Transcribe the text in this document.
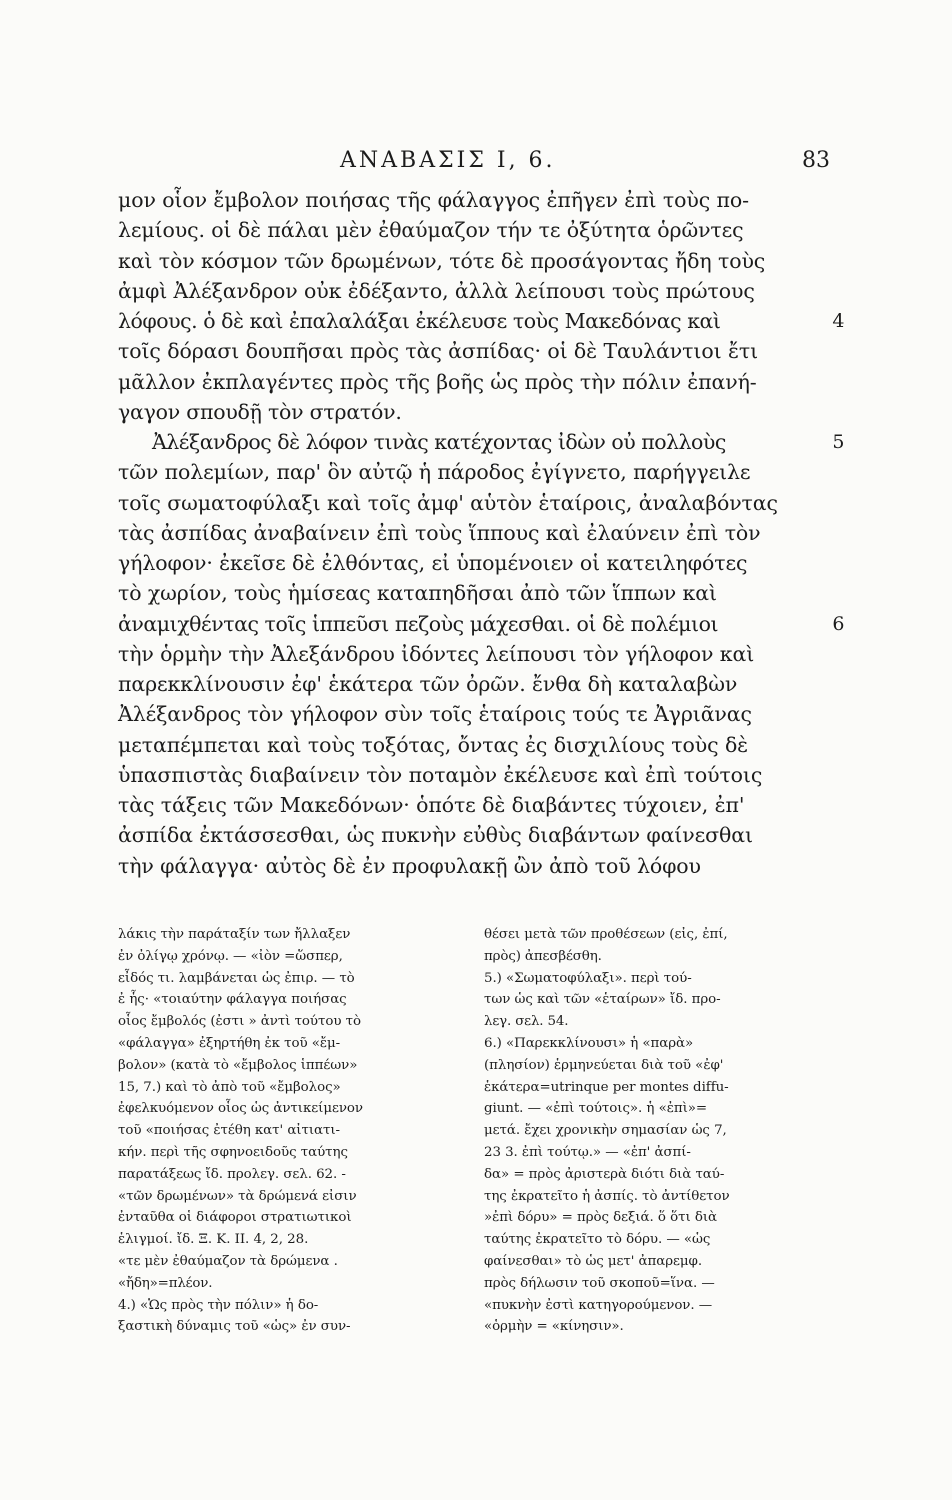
ΑΝΑΒΑΣΙΣ Ι, 6.	83
μον οἷον ἔμβολον ποιήσας τῆς φάλαγγος ἐπῆγεν ἐπὶ τοὺς πο-
λεμίους. οἱ δὲ πάλαι μὲν ἐθαύμαζον τήν τε ὀξύτητα ὁρῶντες
καὶ τὸν κόσμον τῶν δρωμένων, τότε δὲ προσάγοντας ἤδη τοὺς
ἀμφὶ Ἀλέξανδρον οὐκ ἐδέξαντο, ἀλλὰ λείπουσι τοὺς πρώτους
λόφους. ὁ δὲ καὶ ἐπαλαλάξαι ἐκέλευσε τοὺς Μακεδόνας καὶ	4
τοῖς δόρασι δουπῆσαι πρὸς τὰς ἀσπίδας· οἱ δὲ Ταυλάντιοι ἔτι
μᾶλλον ἐκπλαγέντες πρὸς τῆς βοῆς ὡς πρὸς τὴν πόλιν ἐπανή-
γαγον σπουδῇ τὸν στρατόν.
Ἀλέξανδρος δὲ λόφον τινὰς κατέχοντας ἰδὼν οὐ πολλοὺς	5
τῶν πολεμίων, παρ' ὃν αὐτῷ ἡ πάροδος ἐγίγνετο, παρήγγειλε
τοῖς σωματοφύλαξι καὶ τοῖς ἀμφ' αὑτὸν ἑταίροις, ἀναλαβόντας
τὰς ἀσπίδας ἀναβαίνειν ἐπὶ τοὺς ἵππους καὶ ἐλαύνειν ἐπὶ τὸν
γήλοφον· ἐκεῖσε δὲ ἐλθόντας, εἰ ὑπομένοιεν οἱ κατειληφότες
τὸ χωρίον, τοὺς ἡμίσεας καταπηδῆσαι ἀπὸ τῶν ἵππων καὶ
ἀναμιχθέντας τοῖς ἱππεῦσι πεζοὺς μάχεσθαι. οἱ δὲ πολέμιοι	6
τὴν ὁρμὴν τὴν Ἀλεξάνδρου ἰδόντες λείπουσι τὸν γήλοφον καὶ
παρεκκλίνουσιν ἐφ' ἑκάτερα τῶν ὀρῶν. ἔνθα δὴ καταλαβὼν
Ἀλέξανδρος τὸν γήλοφον σὺν τοῖς ἑταίροις τούς τε Ἀγριᾶνας
μεταπέμπεται καὶ τοὺς τοξότας, ὄντας ἐς δισχιλίους τοὺς δὲ
ὑπασπιστὰς διαβαίνειν τὸν ποταμὸν ἐκέλευσε καὶ ἐπὶ τούτοις
τὰς τάξεις τῶν Μακεδόνων· ὁπότε δὲ διαβάντες τύχοιεν, ἐπ'
ἀσπίδα ἐκτάσσεσθαι, ὡς πυκνὴν εὐθὺς διαβάντων φαίνεσθαι
τὴν φάλαγγα· αὐτὸς δὲ ἐν προφυλακῇ ὢν ἀπὸ τοῦ λόφου
λάκις τὴν παράταξίν των ἤλλαξεν
ἐν ὀλίγῳ χρόνῳ. — «ἰὸν =ὥσπερ,
εἶδός τι. λαμβάνεται ὡς ἐπιρ. — τὸ
ἐ ἧς· «τοιαύτην φάλαγγα ποιήσας
οἷος ἔμβολός (ἐστι » ἀντὶ τούτου τὸ
«φάλαγγα» ἐξηρτήθη ἐκ τοῦ «ἔμ-
βολον» (κατὰ τὸ «ἔμβολος ἱππέων»
15, 7.) καὶ τὸ ἀπὸ τοῦ «ἔμβολος»
ἐφελκυόμενον οἷος ὡς ἀντικείμενον
τοῦ «ποιήσας ἐτέθη κατ' αἰτιατι-
κήν. περὶ τῆς σφηνοειδοῦς ταύτης
παρατάξεως ἴδ. προλεγ. σελ. 62. -
«τῶν δρωμένων» τὰ δρώμενά εἰσιν
ἐνταῦθα οἱ διάφοροι στρατιωτικοὶ
ἑλιγμοί. ἴδ. Ξ. Κ. ΙΙ. 4, 2, 28.
«τε μὲν ἐθαύμαζον τὰ δρώμενα .
«ἤδη»=πλέον.
4.) «Ὡς πρὸς τὴν πόλιν» ἡ δο-
ξαστικὴ δύναμις τοῦ «ὡς» ἐν συν-
θέσει μετὰ τῶν προθέσεων (εἰς, ἐπί,
πρὸς) ἀπεσβέσθη.
5.) «Σωματοφύλαξι». περὶ τού-
των ὡς καὶ τῶν «ἑταίρων» ἴδ. προ-
λεγ. σελ. 54.
6.) «Παρεκκλίνουσι» ἡ «παρὰ»
(πλησίον) ἑρμηνεύεται διὰ τοῦ «ἐφ'
ἑκάτερα=utrinque per montes diffu-
giunt. — «ἐπὶ τούτοις». ἡ «ἐπὶ»=
μετά. ἔχει χρονικὴν σημασίαν ὡς 7,
23 3. ἐπὶ τούτῳ.» — «ἐπ' ἀσπί-
δα» = πρὸς ἀριστερὰ διότι διὰ ταύ-
της ἐκρατεῖτο ἡ ἀσπίς. τὸ ἀντίθετον
»ἐπὶ δόρυ» = πρὸς δεξιά. ὅ ὅτι διὰ
ταύτης ἐκρατεῖτο τὸ δόρυ. — «ὡς
φαίνεσθαι» τὸ ὡς μετ' ἀπαρεμφ.
πρὸς δήλωσιν τοῦ σκοποῦ=ἵνα. —
«πυκνὴν ἐστὶ κατηγορούμενον. —
«ὁρμὴν = «κίνησιν».
